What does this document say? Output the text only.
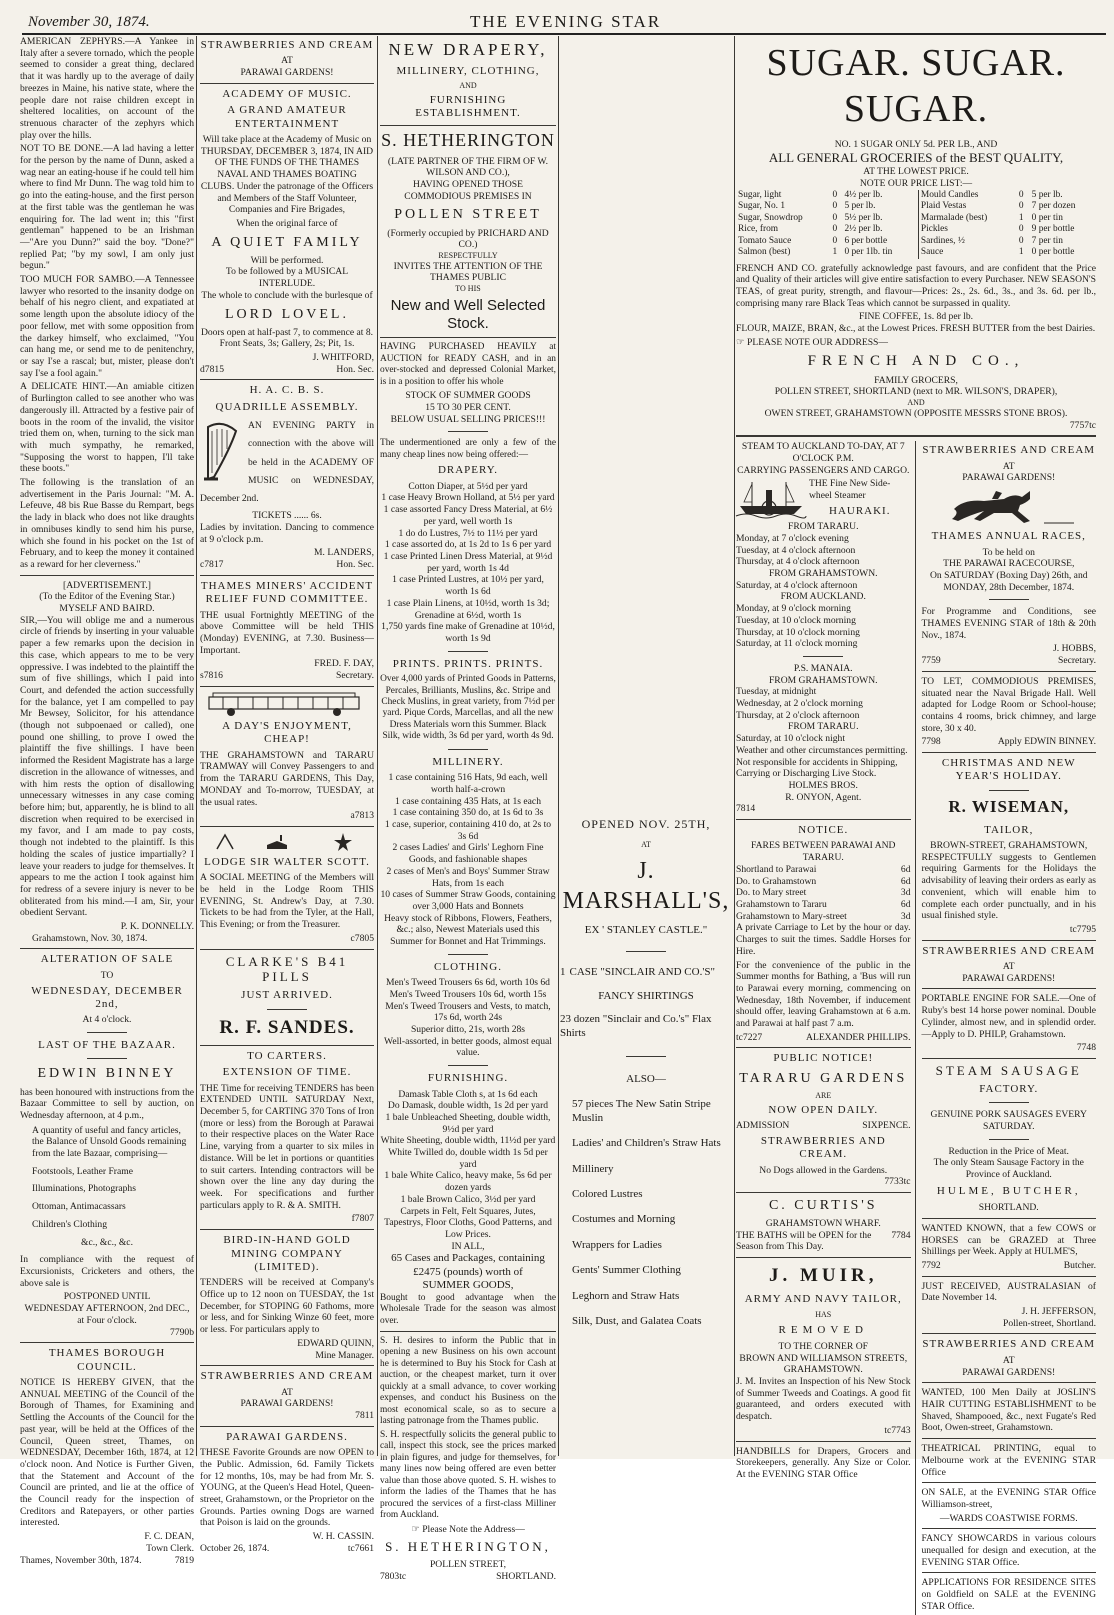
November 30, 1874.	THE EVENING STAR

AMERICAN ZEPHYRS.—A Yankee in Italy after a severe tornado, which the people seemed to consider a great thing, declared that it was hardly up to the average of daily breezes in Maine, his native state, where the people dare not raise children except in sheltered localities, on account of the strenuous character of the zephyrs which play over the hills.

NOT TO BE DONE.—A lad having a letter for the person by the name of Dunn, asked a wag near an eating-house if he could tell him where to find Mr Dunn. The wag told him to go into the eating-house, and the first person at the first table was the gentleman he was enquiring for. The lad went in; this "first gentleman" happened to be an Irishman—"Are you Dunn?" said the boy. "Done?" replied Pat; "by my sowl, I am only just begun."

TOO MUCH FOR SAMBO.—A Tennessee lawyer who resorted to the insanity dodge on behalf of his negro client, and expatiated at some length upon the absolute idiocy of the poor fellow, met with some opposition from the darkey himself, who exclaimed, "You can hang me, or send me to de penitenchry, or say I'se a rascal; but, mister, please don't say I'se a fool again."

A DELICATE HINT.—An amiable citizen of Burlington called to see another who was dangerously ill. Attracted by a festive pair of boots in the room of the invalid, the visitor tried them on, when, turning to the sick man with much sympathy, he remarked, "Supposing the worst to happen, I'll take these boots."

The following is the translation of an advertisement in the Paris Journal: "M. A. Lefeuve, 48 bis Rue Basse du Rempart, begs the lady in black who does not like draughts in omnibuses kindly to send him his purse, which she found in his pocket on the 1st of February, and to keep the money it contained as a reward for her cleverness."

[ADVERTISEMENT.]
(To the Editor of the Evening Star.)
MYSELF AND BAIRD.

SIR,—You will oblige me and a numerous circle of friends by inserting in your valuable paper a few remarks upon the decision in this case, which appears to me to be very oppressive. I was indebted to the plaintiff the sum of five shillings, which I paid into Court, and defended the action successfully for the balance, yet I am compelled to pay Mr Bewsey, Solicitor, for his attendance (though not subpoenaed or called), one pound one shilling, to prove I owed the plaintiff the five shillings. I have been informed the Resident Magistrate has a large discretion in the allowance of witnesses, and with him rests the option of disallowing unnecessary witnesses in any case coming before him; but, apparently, he is blind to all discretion when required to be exercised in my favor, and I am made to pay costs, though not indebted to the plaintiff. Is this holding the scales of justice impartially? I leave your readers to judge for themselves. It appears to me the action I took against him for redress of a severe injury is never to be obliterated from his mind.—I am, Sir, your obedient Servant.

P. K. DONNELLY.
Grahamstown, Nov. 30, 1874.
ALTERATION OF SALE
TO
WEDNESDAY, DECEMBER 2nd,
At 4 o'clock.
LAST OF THE BAZAAR.
EDWIN BINNEY

has been honoured with instructions from the Bazaar Committee to sell by auction, on Wednesday afternoon, at 4 p.m.,

A quantity of useful and fancy articles, the Balance of Unsold Goods remaining from the late Bazaar, comprising—
Footstools, Leather Frame
Illuminations, Photographs
Ottoman, Antimacassars
Children's Clothing
&c., &c., &c.

In compliance with the request of Excursionists, Cricketers and others, the above sale is

POSTPONED UNTIL
WEDNESDAY AFTERNOON, 2nd DEC.,
at Four o'clock.
7790b
THAMES BOROUGH COUNCIL.

NOTICE IS HEREBY GIVEN, that the ANNUAL MEETING of the Council of the Borough of Thames, for Examining and Settling the Accounts of the Council for the past year, will be held at the Offices of the Council, Queen street, Thames, on WEDNESDAY, December 16th, 1874, at 12 o'clock noon. And Notice is Further Given, that the Statement and Account of the Council are printed, and lie at the office of the Council ready for the inspection of Creditors and Ratepayers, or other parties interested.

F. C. DEAN,
Town Clerk.
Thames, November 30th, 1874.	7819
STRAWBERRIES AND CREAM
AT
PARAWAI GARDENS!
ACADEMY OF MUSIC.
A GRAND AMATEUR ENTERTAINMENT

Will take place at the Academy of Music on THURSDAY, DECEMBER 3, 1874, IN AID OF THE FUNDS OF THE THAMES NAVAL AND THAMES BOATING CLUBS. Under the patronage of the Officers and Members of the Staff Volunteer, Companies and Fire Brigades,

When the original farce of
A QUIET FAMILY
Will be performed.
To be followed by a MUSICAL INTERLUDE.
The whole to conclude with the burlesque of
LORD LOVEL.

Doors open at half-past 7, to commence at 8. Front Seats, 3s; Gallery, 2s; Pit, 1s.

J. WHITFORD,
d7815	Hon. Sec.
H. A. C. B. S.
QUADRILLE ASSEMBLY.

AN EVENING PARTY in connection with the above will be held in the ACADEMY OF MUSIC on WEDNESDAY, December 2nd.

TICKETS ...... 6s.

Ladies by invitation. Dancing to commence at 9 o'clock p.m.

M. LANDERS,
c7817	Hon. Sec.
THAMES MINERS' ACCIDENT RELIEF FUND COMMITTEE.

THE usual Fortnightly MEETING of the above Committee will be held THIS (Monday) EVENING, at 7.30. Business—Important.

FRED. F. DAY,
s7816	Secretary.
A DAY'S ENJOYMENT, CHEAP!

THE GRAHAMSTOWN and TARARU TRAMWAY will Convey Passengers to and from the TARARU GARDENS, This Day, MONDAY and To-morrow, TUESDAY, at the usual rates.

a7813
LODGE SIR WALTER SCOTT.

A SOCIAL MEETING of the Members will be held in the Lodge Room THIS EVENING, St. Andrew's Day, at 7.30. Tickets to be had from the Tyler, at the Hall, This Evening; or from the Treasurer.

c7805
CLARKE'S B41 PILLS
JUST ARRIVED.
R. F. SANDES.
TO CARTERS.
EXTENSION OF TIME.

THE Time for receiving TENDERS has been EXTENDED UNTIL SATURDAY Next, December 5, for CARTING 370 Tons of Iron (more or less) from the Borough at Parawai to their respective places on the Water Race Line, varying from a quarter to six miles in distance. Will be let in portions or quantities to suit carters. Intending contractors will be shown over the line any day during the week. For specifications and further particulars apply to R. & A. SMITH.

f7807
BIRD-IN-HAND GOLD MINING COMPANY (LIMITED).

TENDERS will be received at Company's Office up to 12 noon on TUESDAY, the 1st December, for STOPING 60 Fathoms, more or less, and for Sinking Winze 60 feet, more or less. For particulars apply to

EDWARD QUINN,
Mine Manager.
STRAWBERRIES AND CREAM
AT
PARAWAI GARDENS!
7811
PARAWAI GARDENS.

THESE Favorite Grounds are now OPEN to the Public. Admission, 6d. Family Tickets for 12 months, 10s, may be had from Mr. S. YOUNG, at the Queen's Head Hotel, Queen-street, Grahamstown, or the Proprietor on the Grounds. Parties owning Dogs are warned that Poison is laid on the grounds.

W. H. CASSIN.
October 26, 1874.	tc7661
NEW DRAPERY,
MILLINERY, CLOTHING,
AND
FURNISHING ESTABLISHMENT.
S. HETHERINGTON
(LATE PARTNER OF THE FIRM OF W. WILSON AND CO.),
HAVING OPENED THOSE COMMODIOUS PREMISES IN
POLLEN STREET
(Formerly occupied by PRICHARD AND CO.)
RESPECTFULLY
INVITES THE ATTENTION OF THE THAMES PUBLIC
TO HIS
New and Well Selected Stock.

HAVING PURCHASED HEAVILY at AUCTION for READY CASH, and in an over-stocked and depressed Colonial Market, is in a position to offer his whole

STOCK OF SUMMER GOODS
15 TO 30 PER CENT.
BELOW USUAL SELLING PRICES!!!

The undermentioned are only a few of the many cheap lines now being offered:—

DRAPERY.
Cotton Diaper, at 5½d per yard
1 case Heavy Brown Holland, at 5½ per yard
1 case assorted Fancy Dress Material, at 6½ per yard, well worth 1s
1 do do Lustres, 7½ to 11½ per yard
1 case assorted do, at 1s 2d to 1s 6 per yard
1 case Printed Linen Dress Material, at 9½d per yard, worth 1s 4d
1 case Printed Lustres, at 10½ per yard, worth 1s 6d
1 case Plain Linens, at 10½d, worth 1s 3d; Grenadine at 6½d, worth 1s
1,750 yards fine make of Grenadine at 10½d, worth 1s 9d
PRINTS. PRINTS. PRINTS.

Over 4,000 yards of Printed Goods in Patterns, Percales, Brilliants, Muslins, &c. Stripe and Check Muslins, in great variety, from 7½d per yard. Pique Cords, Marcellas, and all the new Dress Materials worn this Summer. Black Silk, wide width, 3s 6d per yard, worth 4s 9d.

MILLINERY.
1 case containing 516 Hats, 9d each, well worth half-a-crown
1 case containing 435 Hats, at 1s each
1 case containing 350 do, at 1s 6d to 3s
1 case, superior, containing 410 do, at 2s to 3s 6d
2 cases Ladies' and Girls' Leghorn Fine Goods, and fashionable shapes
2 cases of Men's and Boys' Summer Straw Hats, from 1s each
10 cases of Summer Straw Goods, containing over 3,000 Hats and Bonnets
Heavy stock of Ribbons, Flowers, Feathers, &c.; also, Newest Materials used this Summer for Bonnet and Hat Trimmings.
CLOTHING.
Men's Tweed Trousers 6s 6d, worth 10s 6d
Men's Tweed Trousers 10s 6d, worth 15s
Men's Tweed Trousers and Vests, to match, 17s 6d, worth 24s
Superior ditto, 21s, worth 28s
Well-assorted, in better goods, almost equal value.
FURNISHING.
Damask Table Cloth s, at 1s 6d each
Do Damask, double width, 1s 2d per yard
1 bale Unbleached Sheeting, double width, 9½d per yard
White Sheeting, double width, 11½d per yard
White Twilled do, double width 1s 5d per yard
1 bale White Calico, heavy make, 5s 6d per dozen yards
1 bale Brown Calico, 3½d per yard
Carpets in Felt, Felt Squares, Jutes, Tapestrys, Floor Cloths, Good Patterns, and Low Prices.
IN ALL,
65 Cases and Packages, containing £2475 (pounds) worth of
SUMMER GOODS,

Bought to good advantage when the Wholesale Trade for the season was almost over.

S. H. desires to inform the Public that in opening a new Business on his own account he is determined to Buy his Stock for Cash at auction, or the cheapest market, turn it over quickly at a small advance, to cover working expenses, and conduct his Business on the most economical scale, so as to secure a lasting patronage from the Thames public.

S. H. respectfully solicits the general public to call, inspect this stock, see the prices marked in plain figures, and judge for themselves, for many lines now being offered are even better value than those above quoted. S. H. wishes to inform the ladies of the Thames that he has procured the services of a first-class Milliner from Auckland.

☞ Please Note the Address—
S. HETHERINGTON,
POLLEN STREET,
7803tc	SHORTLAND.
OPENED NOV. 25TH,
AT
J. MARSHALL'S,
EX ' STANLEY CASTLE."
1 CASE "SINCLAIR AND CO.'S"
FANCY SHIRTINGS
23 dozen "Sinclair and Co.'s" Flax Shirts
ALSO—
57 pieces The New Satin Stripe Muslin
Ladies' and Children's Straw Hats
Millinery
Colored Lustres
Costumes and Morning
Wrappers for Ladies
Gents' Summer Clothing
Leghorn and Straw Hats
Silk, Dust, and Galatea Coats
SUGAR. SUGAR. SUGAR.
NO. 1 SUGAR ONLY 5d. PER LB., AND
ALL GENERAL GROCERIES of the BEST QUALITY,
AT THE LOWEST PRICE.
NOTE OUR PRICE LIST:—
Sugar, light	0	4½ per lb.
Sugar, No. 1	0	5 per lb.
Sugar, Snowdrop	0	5½ per lb.
Rice, from	0	2½ per lb.
Tomato Sauce	0	6 per bottle
Salmon (best)	1	0 per 1lb. tin
Mould Candles	0	5 per lb.
Plaid Vestas	0	7 per dozen
Marmalade (best)	1	0 per tin
Pickles	0	9 per bottle
Sardines, ½	0	7 per tin
Sauce	1	0 per bottle

FRENCH AND CO. gratefully acknowledge past favours, and are confident that the Price and Quality of their articles will give entire satisfaction to every Purchaser. NEW SEASON'S TEAS, of great purity, strength, and flavour—Prices: 2s., 2s. 6d., 3s., and 3s. 6d. per lb., comprising many rare Black Teas which cannot be surpassed in quality.

FINE COFFEE, 1s. 8d per lb.

FLOUR, MAIZE, BRAN, &c., at the Lowest Prices. FRESH BUTTER from the best Dairies.

☞ PLEASE NOTE OUR ADDRESS—
FRENCH AND CO.,
FAMILY GROCERS,
POLLEN STREET, SHORTLAND (next to MR. WILSON'S, DRAPER),
AND
OWEN STREET, GRAHAMSTOWN (OPPOSITE MESSRS STONE BROS).
7757tc
STEAM TO AUCKLAND TO-DAY, AT 7 O'CLOCK P.M.
CARRYING PASSENGERS AND CARGO.
THE Fine New Side-wheel Steamer
HAURAKI.
FROM TARARU.
Monday, at 7 o'clock evening
Tuesday, at 4 o'clock afternoon
Thursday, at 4 o'clock afternoon
FROM GRAHAMSTOWN.
Saturday, at 4 o'clock afternoon
FROM AUCKLAND.
Monday, at 9 o'clock morning
Tuesday, at 10 o'clock morning
Thursday, at 10 o'clock morning
Saturday, at 11 o'clock morning
P.S. MANAIA.
FROM GRAHAMSTOWN.
Tuesday, at midnight
Wednesday, at 2 o'clock morning
Thursday, at 2 o'clock afternoon
FROM TARARU.
Saturday, at 10 o'clock night
Weather and other circumstances permitting.
Not responsible for accidents in Shipping, Carrying or Discharging Live Stock.
HOLMES BROS.
R. ONYON, Agent.
7814
NOTICE.
FARES BETWEEN PARAWAI AND TARARU.
Shortland to Parawai	6d
Do. to Grahamstown	6d
Do. to Mary street	3d
Grahamstown to Tararu	6d
Grahamstown to Mary-street	3d

A private Carriage to Let by the hour or day. Charges to suit the times. Saddle Horses for Hire.

For the convenience of the public in the Summer months for Bathing, a 'Bus will run to Parawai every morning, commencing on Wednesday, 18th November, if inducement should offer, leaving Grahamstown at 6 a.m. and Parawai at half past 7 a.m.

tc7227	ALEXANDER PHILLIPS.
PUBLIC NOTICE!
TARARU GARDENS
ARE
NOW OPEN DAILY.
ADMISSION	SIXPENCE.
STRAWBERRIES AND CREAM.
No Dogs allowed in the Gardens.
7733tc
C. CURTIS'S
GRAHAMSTOWN WHARF.
THE BATHS will be OPEN for the Season from This Day.
7784
J. MUIR,
ARMY AND NAVY TAILOR,
HAS
REMOVED
TO THE CORNER OF
BROWN AND WILLIAMSON STREETS, GRAHAMSTOWN.

J. M. Invites an Inspection of his New Stock of Summer Tweeds and Coatings. A good fit guaranteed, and orders executed with despatch.

tc7743

HANDBILLS for Drapers, Grocers and Storekeepers, generally. Any Size or Color. At the EVENING STAR Office

STRAWBERRIES AND CREAM
AT
PARAWAI GARDENS!
THAMES ANNUAL RACES,
To be held on
THE PARAWAI RACECOURSE,
On SATURDAY (Boxing Day) 26th, and MONDAY, 28th December, 1874.

For Programme and Conditions, see THAMES EVENING STAR of 18th & 20th Nov., 1874.

J. HOBBS,
7759	Secretary.

TO LET, COMMODIOUS PREMISES, situated near the Naval Brigade Hall. Well adapted for Lodge Room or School-house; contains 4 rooms, brick chimney, and large store, 30 x 40.

7798	Apply EDWIN BINNEY.
CHRISTMAS AND NEW YEAR'S HOLIDAY.
R. WISEMAN,
TAILOR,
BROWN-STREET, GRAHAMSTOWN,

RESPECTFULLY suggests to Gentlemen requiring Garments for the Holidays the advisability of leaving their orders as early as convenient, which will enable him to complete each order punctually, and in his usual finished style.

tc7795
STRAWBERRIES AND CREAM
AT
PARAWAI GARDENS!

PORTABLE ENGINE FOR SALE.—One of Ruby's best 14 horse power nominal. Double Cylinder, almost new, and in splendid order.—Apply to D. PHILP, Grahamstown.

7748
STEAM SAUSAGE
FACTORY.
GENUINE PORK SAUSAGES EVERY SATURDAY.
Reduction in the Price of Meat.
The only Steam Sausage Factory in the Province of Auckland.
HULME, BUTCHER,
SHORTLAND.

WANTED KNOWN, that a few COWS or HORSES can be GRAZED at Three Shillings per Week. Apply at HULME'S,

7792	Butcher.

JUST RECEIVED, AUSTRALASIAN of Date November 14.

J. H. JEFFERSON,
Pollen-street, Shortland.
STRAWBERRIES AND CREAM
AT
PARAWAI GARDENS!

WANTED, 100 Men Daily at JOSLIN'S HAIR CUTTING ESTABLISHMENT to be Shaved, Shampooed, &c., next Fugate's Red Boot, Owen-street, Grahamstown.

THEATRICAL PRINTING, equal to Melbourne work at the EVENING STAR Office

ON SALE, at the EVENING STAR Office Williamson-street,

—WARDS COASTWISE FORMS.

FANCY SHOWCARDS in various colours unequalled for design and execution, at the EVENING STAR Office.

APPLICATIONS FOR RESIDENCE SITES on Goldfield on SALE at the EVENING STAR Office.
